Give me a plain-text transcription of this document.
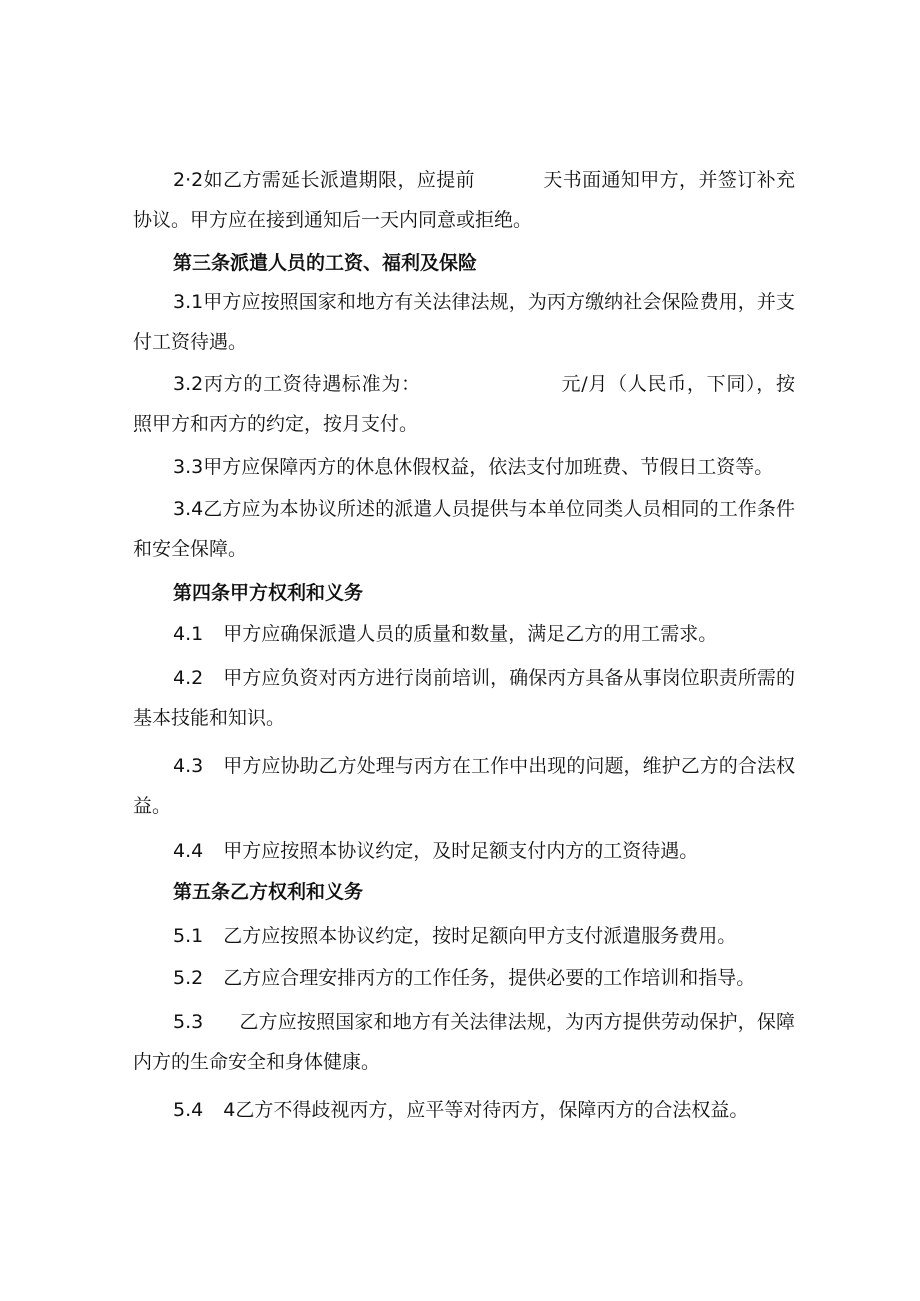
2·2如乙方需延长派遣期限，应提前	天书面通知甲方，并签订补充协议。甲方应在接到通知后一天内同意或拒绝。

第三条派遣人员的工资、福利及保险

3.1甲方应按照国家和地方有关法律法规，为丙方缴纳社会保险费用，并支付工资待遇。

3.2丙方的工资待遇标准为：	元/月（人民币，下同），按照甲方和丙方的约定，按月支付。

3.3甲方应保障丙方的休息休假权益，依法支付加班费、节假日工资等。

3.4乙方应为本协议所述的派遣人员提供与本单位同类人员相同的工作条件和安全保障。

第四条甲方权利和义务

4.1 甲方应确保派遣人员的质量和数量，满足乙方的用工需求。

4.2 甲方应负资对丙方进行岗前培训，确保丙方具备从事岗位职责所需的基本技能和知识。

4.3 甲方应协助乙方处理与丙方在工作中出现的问题，维护乙方的合法权益。

4.4 甲方应按照本协议约定，及时足额支付内方的工资待遇。

第五条乙方权利和义务

5.1 乙方应按照本协议约定，按时足额向甲方支付派遣服务费用。

5.2 乙方应合理安排丙方的工作任务，提供必要的工作培训和指导。

5.3 乙方应按照国家和地方有关法律法规，为丙方提供劳动保护，保障内方的生命安全和身体健康。

5.4 4乙方不得歧视丙方，应平等对待丙方，保障丙方的合法权益。
